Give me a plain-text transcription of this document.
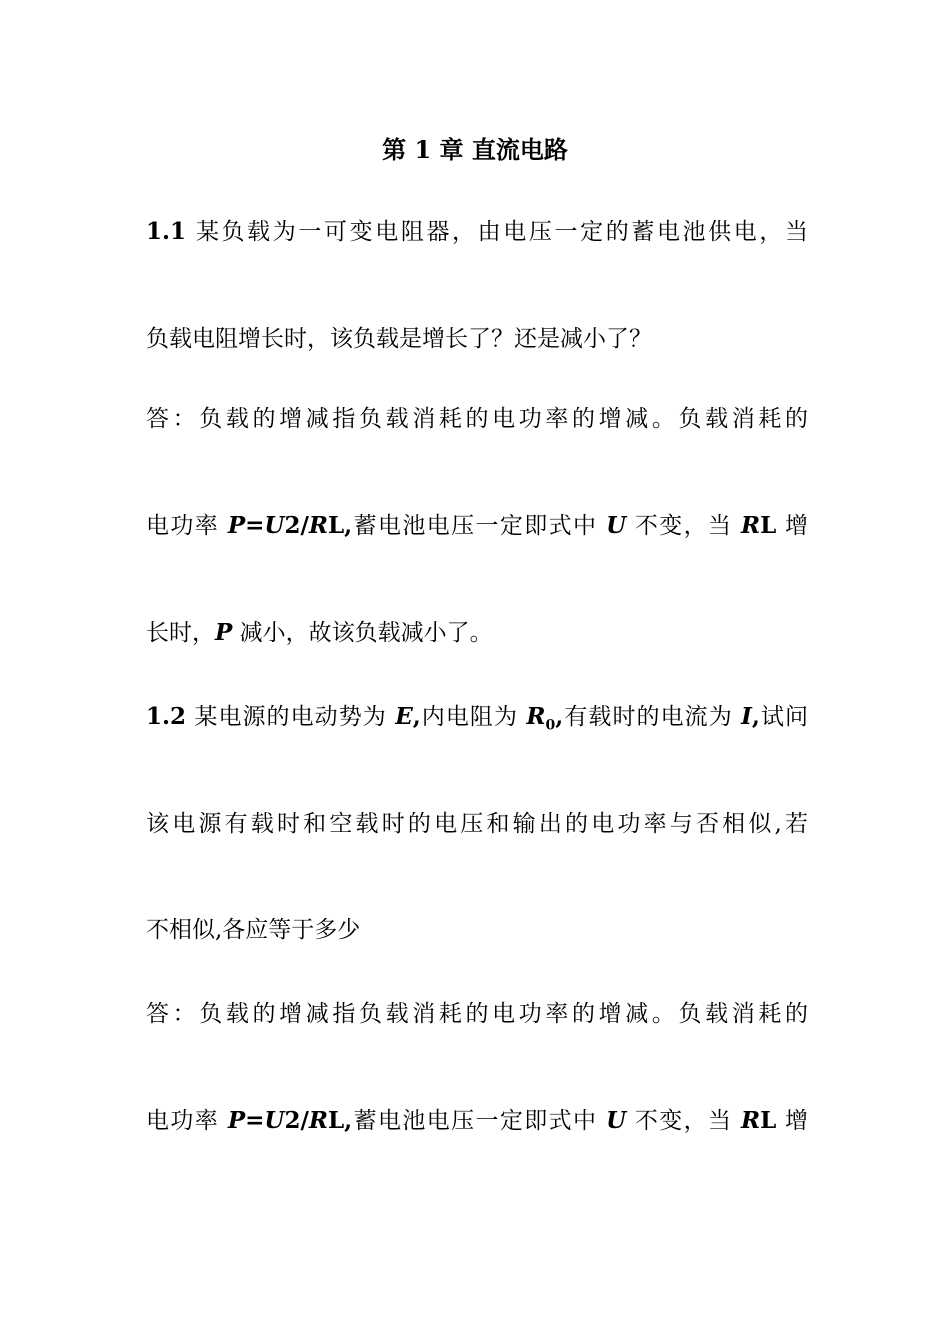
第 1 章 直流电路
1.1 某负载为一可变电阻器，由电压一定的蓄电池供电，当
负载电阻增长时，该负载是增长了？还是减小了？
答：负载的增减指负载消耗的电功率的增减。负载消耗的
电功率 P=U2/RL,蓄电池电压一定即式中 U 不变，当 RL 增
长时，P 减小，故该负载减小了。
1.2 某电源的电动势为 E,内电阻为 $R_0$,有载时的电流为 I,试问
该电源有载时和空载时的电压和输出的电功率与否相似,若
不相似,各应等于多少
答：负载的增减指负载消耗的电功率的增减。负载消耗的
电功率 P=U2/RL,蓄电池电压一定即式中 U 不变，当 RL 增
